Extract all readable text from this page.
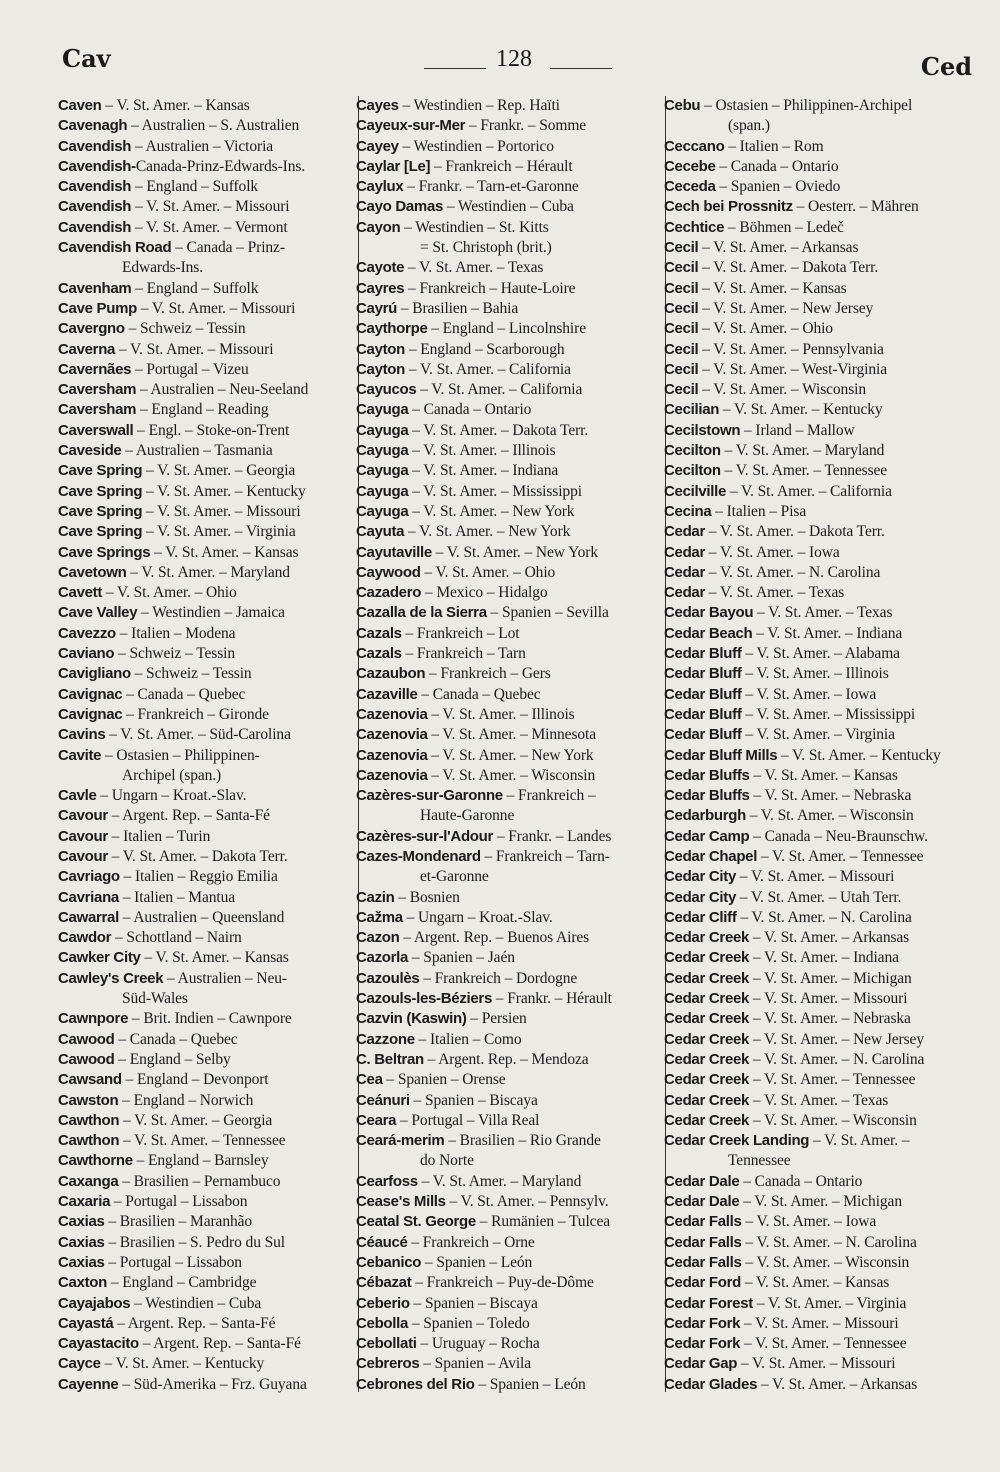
Cav	128	Ced
Caven – V. St. Amer. – Kansas
Cavenagh – Australien – S. Australien
Cavendish – Australien – Victoria
Cavendish-Canada-Prinz-Edwards-Ins.
Cavendish – England – Suffolk
Cavendish – V. St. Amer. – Missouri
Cavendish – V. St. Amer. – Vermont
Cavendish Road – Canada – Prinz-
Edwards-Ins.
Cavenham – England – Suffolk
Cave Pump – V. St. Amer. – Missouri
Cavergno – Schweiz – Tessin
Caverna – V. St. Amer. – Missouri
Cavernães – Portugal – Vizeu
Caversham – Australien – Neu-Seeland
Caversham – England – Reading
Caverswall – Engl. – Stoke-on-Trent
Caveside – Australien – Tasmania
Cave Spring – V. St. Amer. – Georgia
Cave Spring – V. St. Amer. – Kentucky
Cave Spring – V. St. Amer. – Missouri
Cave Spring – V. St. Amer. – Virginia
Cave Springs – V. St. Amer. – Kansas
Cavetown – V. St. Amer. – Maryland
Cavett – V. St. Amer. – Ohio
Cave Valley – Westindien – Jamaica
Cavezzo – Italien – Modena
Caviano – Schweiz – Tessin
Cavigliano – Schweiz – Tessin
Cavignac – Canada – Quebec
Cavignac – Frankreich – Gironde
Cavins – V. St. Amer. – Süd-Carolina
Cavite – Ostasien – Philippinen-
Archipel (span.)
Cavle – Ungarn – Kroat.-Slav.
Cavour – Argent. Rep. – Santa-Fé
Cavour – Italien – Turin
Cavour – V. St. Amer. – Dakota Terr.
Cavriago – Italien – Reggio Emilia
Cavriana – Italien – Mantua
Cawarral – Australien – Queensland
Cawdor – Schottland – Nairn
Cawker City – V. St. Amer. – Kansas
Cawley's Creek – Australien – Neu-
Süd-Wales
Cawnpore – Brit. Indien – Cawnpore
Cawood – Canada – Quebec
Cawood – England – Selby
Cawsand – England – Devonport
Cawston – England – Norwich
Cawthon – V. St. Amer. – Georgia
Cawthon – V. St. Amer. – Tennessee
Cawthorne – England – Barnsley
Caxanga – Brasilien – Pernambuco
Caxaria – Portugal – Lissabon
Caxias – Brasilien – Maranhão
Caxias – Brasilien – S. Pedro du Sul
Caxias – Portugal – Lissabon
Caxton – England – Cambridge
Cayajabos – Westindien – Cuba
Cayastá – Argent. Rep. – Santa-Fé
Cayastacito – Argent. Rep. – Santa-Fé
Cayce – V. St. Amer. – Kentucky
Cayenne – Süd-Amerika – Frz. Guyana
Cayes – Westindien – Rep. Haïti
Cayeux-sur-Mer – Frankr. – Somme
Cayey – Westindien – Portorico
Caylar [Le] – Frankreich – Hérault
Caylux – Frankr. – Tarn-et-Garonne
Cayo Damas – Westindien – Cuba
Cayon – Westindien – St. Kitts
= St. Christoph (brit.)
Cayote – V. St. Amer. – Texas
Cayres – Frankreich – Haute-Loire
Cayrú – Brasilien – Bahia
Caythorpe – England – Lincolnshire
Cayton – England – Scarborough
Cayton – V. St. Amer. – California
Cayucos – V. St. Amer. – California
Cayuga – Canada – Ontario
Cayuga – V. St. Amer. – Dakota Terr.
Cayuga – V. St. Amer. – Illinois
Cayuga – V. St. Amer. – Indiana
Cayuga – V. St. Amer. – Mississippi
Cayuga – V. St. Amer. – New York
Cayuta – V. St. Amer. – New York
Cayutaville – V. St. Amer. – New York
Caywood – V. St. Amer. – Ohio
Cazadero – Mexico – Hidalgo
Cazalla de la Sierra – Spanien – Sevilla
Cazals – Frankreich – Lot
Cazals – Frankreich – Tarn
Cazaubon – Frankreich – Gers
Cazaville – Canada – Quebec
Cazenovia – V. St. Amer. – Illinois
Cazenovia – V. St. Amer. – Minnesota
Cazenovia – V. St. Amer. – New York
Cazenovia – V. St. Amer. – Wisconsin
Cazères-sur-Garonne – Frankreich –
Haute-Garonne
Cazères-sur-l'Adour – Frankr. – Landes
Cazes-Mondenard – Frankreich – Tarn-
et-Garonne
Cazin – Bosnien
Cažma – Ungarn – Kroat.-Slav.
Cazon – Argent. Rep. – Buenos Aires
Cazorla – Spanien – Jaén
Cazoulès – Frankreich – Dordogne
Cazouls-les-Béziers – Frankr. – Hérault
Cazvin (Kaswin) – Persien
Cazzone – Italien – Como
C. Beltran – Argent. Rep. – Mendoza
Cea – Spanien – Orense
Ceánuri – Spanien – Biscaya
Ceara – Portugal – Villa Real
Ceará-merim – Brasilien – Rio Grande
do Norte
Cearfoss – V. St. Amer. – Maryland
Cease's Mills – V. St. Amer. – Pennsylv.
Ceatal St. George – Rumänien – Tulcea
Céaucé – Frankreich – Orne
Cebanico – Spanien – León
Cébazat – Frankreich – Puy-de-Dôme
Ceberio – Spanien – Biscaya
Cebolla – Spanien – Toledo
Cebollati – Uruguay – Rocha
Cebreros – Spanien – Avila
Cebrones del Rio – Spanien – León
Cebu – Ostasien – Philippinen-Archipel
(span.)
Ceccano – Italien – Rom
Cecebe – Canada – Ontario
Ceceda – Spanien – Oviedo
Cech bei Prossnitz – Oesterr. – Mähren
Cechtice – Böhmen – Ledeč
Cecil – V. St. Amer. – Arkansas
Cecil – V. St. Amer. – Dakota Terr.
Cecil – V. St. Amer. – Kansas
Cecil – V. St. Amer. – New Jersey
Cecil – V. St. Amer. – Ohio
Cecil – V. St. Amer. – Pennsylvania
Cecil – V. St. Amer. – West-Virginia
Cecil – V. St. Amer. – Wisconsin
Cecilian – V. St. Amer. – Kentucky
Cecilstown – Irland – Mallow
Cecilton – V. St. Amer. – Maryland
Cecilton – V. St. Amer. – Tennessee
Cecilville – V. St. Amer. – California
Cecina – Italien – Pisa
Cedar – V. St. Amer. – Dakota Terr.
Cedar – V. St. Amer. – Iowa
Cedar – V. St. Amer. – N. Carolina
Cedar – V. St. Amer. – Texas
Cedar Bayou – V. St. Amer. – Texas
Cedar Beach – V. St. Amer. – Indiana
Cedar Bluff – V. St. Amer. – Alabama
Cedar Bluff – V. St. Amer. – Illinois
Cedar Bluff – V. St. Amer. – Iowa
Cedar Bluff – V. St. Amer. – Mississippi
Cedar Bluff – V. St. Amer. – Virginia
Cedar Bluff Mills – V. St. Amer. – Kentucky
Cedar Bluffs – V. St. Amer. – Kansas
Cedar Bluffs – V. St. Amer. – Nebraska
Cedarburgh – V. St. Amer. – Wisconsin
Cedar Camp – Canada – Neu-Braunschw.
Cedar Chapel – V. St. Amer. – Tennessee
Cedar City – V. St. Amer. – Missouri
Cedar City – V. St. Amer. – Utah Terr.
Cedar Cliff – V. St. Amer. – N. Carolina
Cedar Creek – V. St. Amer. – Arkansas
Cedar Creek – V. St. Amer. – Indiana
Cedar Creek – V. St. Amer. – Michigan
Cedar Creek – V. St. Amer. – Missouri
Cedar Creek – V. St. Amer. – Nebraska
Cedar Creek – V. St. Amer. – New Jersey
Cedar Creek – V. St. Amer. – N. Carolina
Cedar Creek – V. St. Amer. – Tennessee
Cedar Creek – V. St. Amer. – Texas
Cedar Creek – V. St. Amer. – Wisconsin
Cedar Creek Landing – V. St. Amer. –
Tennessee
Cedar Dale – Canada – Ontario
Cedar Dale – V. St. Amer. – Michigan
Cedar Falls – V. St. Amer. – Iowa
Cedar Falls – V. St. Amer. – N. Carolina
Cedar Falls – V. St. Amer. – Wisconsin
Cedar Ford – V. St. Amer. – Kansas
Cedar Forest – V. St. Amer. – Virginia
Cedar Fork – V. St. Amer. – Missouri
Cedar Fork – V. St. Amer. – Tennessee
Cedar Gap – V. St. Amer. – Missouri
Cedar Glades – V. St. Amer. – Arkansas
